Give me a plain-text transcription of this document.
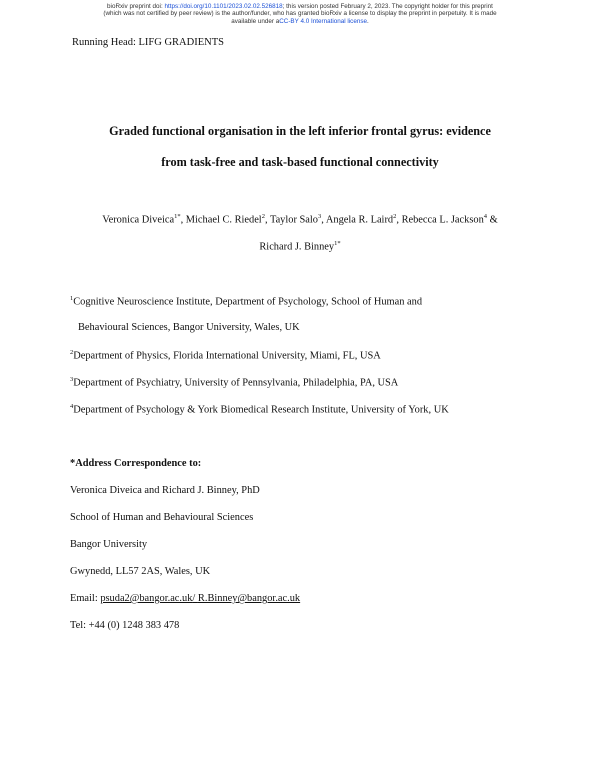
bioRxiv preprint doi: https://doi.org/10.1101/2023.02.02.526818; this version posted February 2, 2023. The copyright holder for this preprint
(which was not certified by peer review) is the author/funder, who has granted bioRxiv a license to display the preprint in perpetuity. It is made
available under aCC-BY 4.0 International license.
Running Head: LIFG GRADIENTS
Graded functional organisation in the left inferior frontal gyrus: evidence
from task-free and task-based functional connectivity
Veronica Diveica$^{1*}$, Michael C. Riedel$^2$, Taylor Salo$^3$, Angela R. Laird$^2$, Rebecca L. Jackson$^4$ &
Richard J. Binney$^{1*}$
$^1$Cognitive Neuroscience Institute, Department of Psychology, School of Human and
Behavioural Sciences, Bangor University, Wales, UK
$^2$Department of Physics, Florida International University, Miami, FL, USA
$^3$Department of Psychiatry, University of Pennsylvania, Philadelphia, PA, USA
$^4$Department of Psychology & York Biomedical Research Institute, University of York, UK
*Address Correspondence to:
Veronica Diveica and Richard J. Binney, PhD
School of Human and Behavioural Sciences
Bangor University
Gwynedd, LL57 2AS, Wales, UK
Email: psuda2@bangor.ac.uk/ R.Binney@bangor.ac.uk
Tel: +44 (0) 1248 383 478
